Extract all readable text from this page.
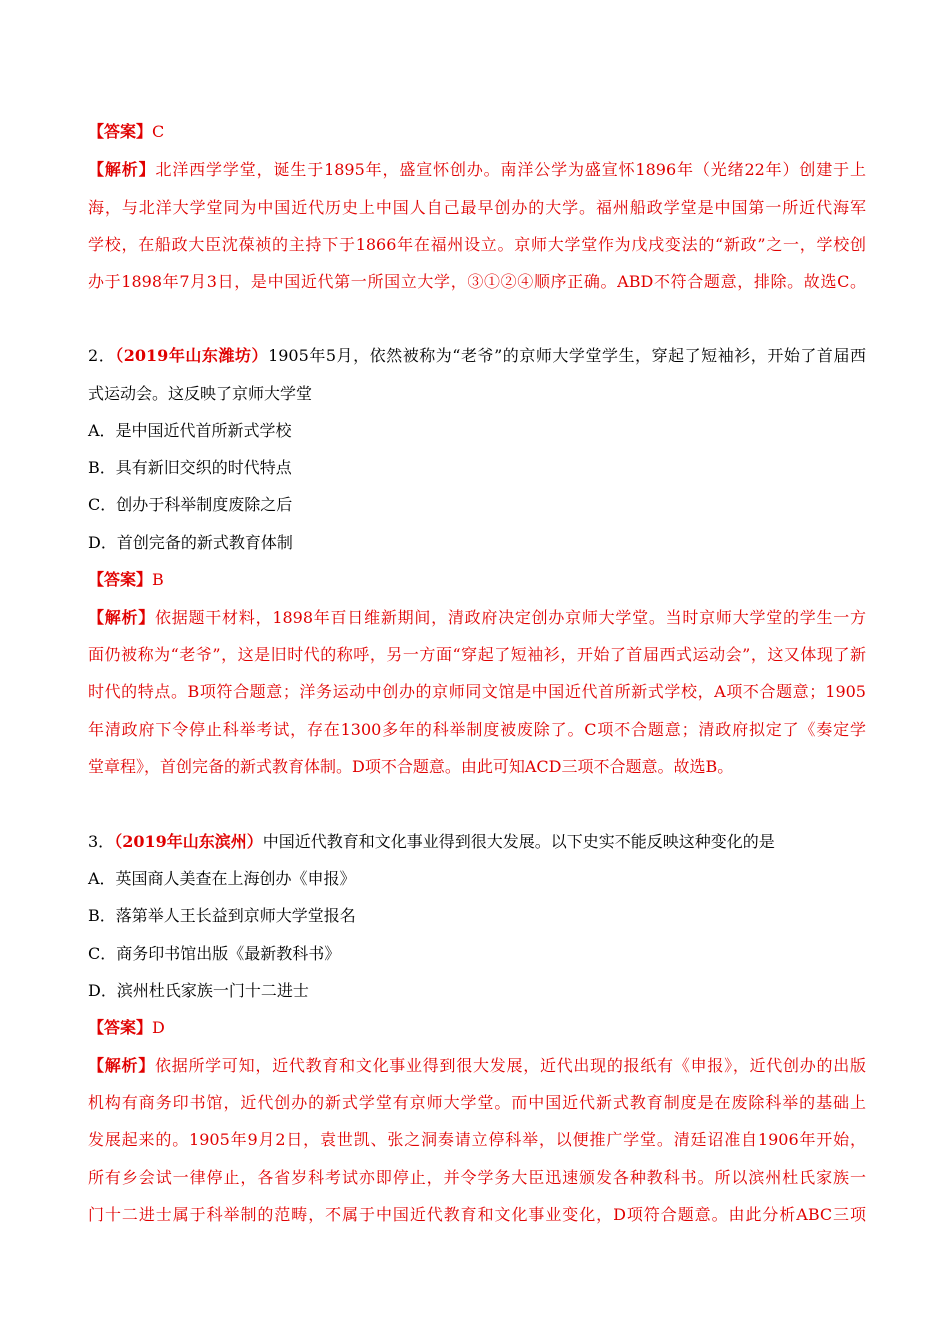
【答案】C
【解析】北洋西学学堂，诞生于1895年，盛宣怀创办。南洋公学为盛宣怀1896年（光绪22年）创建于上
海，与北洋大学堂同为中国近代历史上中国人自己最早创办的大学。福州船政学堂是中国第一所近代海军
学校，在船政大臣沈葆祯的主持下于1866年在福州设立。京师大学堂作为戊戌变法的“新政”之一，学校创
办于1898年7月3日，是中国近代第一所国立大学，③①②④顺序正确。ABD不符合题意，排除。故选C。
2．（2019年山东潍坊）1905年5月，依然被称为“老爷”的京师大学堂学生，穿起了短袖衫，开始了首届西
式运动会。这反映了京师大学堂
A．是中国近代首所新式学校
B．具有新旧交织的时代特点
C．创办于科举制度废除之后
D．首创完备的新式教育体制
【答案】B
【解析】依据题干材料，1898年百日维新期间，清政府决定创办京师大学堂。当时京师大学堂的学生一方
面仍被称为“老爷”，这是旧时代的称呼，另一方面“穿起了短袖衫，开始了首届西式运动会”，这又体现了新
时代的特点。B项符合题意；洋务运动中创办的京师同文馆是中国近代首所新式学校，A项不合题意；1905
年清政府下令停止科举考试，存在1300多年的科举制度被废除了。C项不合题意；清政府拟定了《奏定学
堂章程》，首创完备的新式教育体制。D项不合题意。由此可知ACD三项不合题意。故选B。
3．（2019年山东滨州）中国近代教育和文化事业得到很大发展。以下史实不能反映这种变化的是
A．英国商人美查在上海创办《申报》
B．落第举人王长益到京师大学堂报名
C．商务印书馆出版《最新教科书》
D．滨州杜氏家族一门十二进士
【答案】D
【解析】依据所学可知，近代教育和文化事业得到很大发展，近代出现的报纸有《申报》，近代创办的出版
机构有商务印书馆，近代创办的新式学堂有京师大学堂。而中国近代新式教育制度是在废除科举的基础上
发展起来的。1905年9月2日，袁世凯、张之洞奏请立停科举，以便推广学堂。清廷诏准自1906年开始，
所有乡会试一律停止，各省岁科考试亦即停止，并令学务大臣迅速颁发各种教科书。所以滨州杜氏家族一
门十二进士属于科举制的范畴，不属于中国近代教育和文化事业变化，D项符合题意。由此分析ABC三项
